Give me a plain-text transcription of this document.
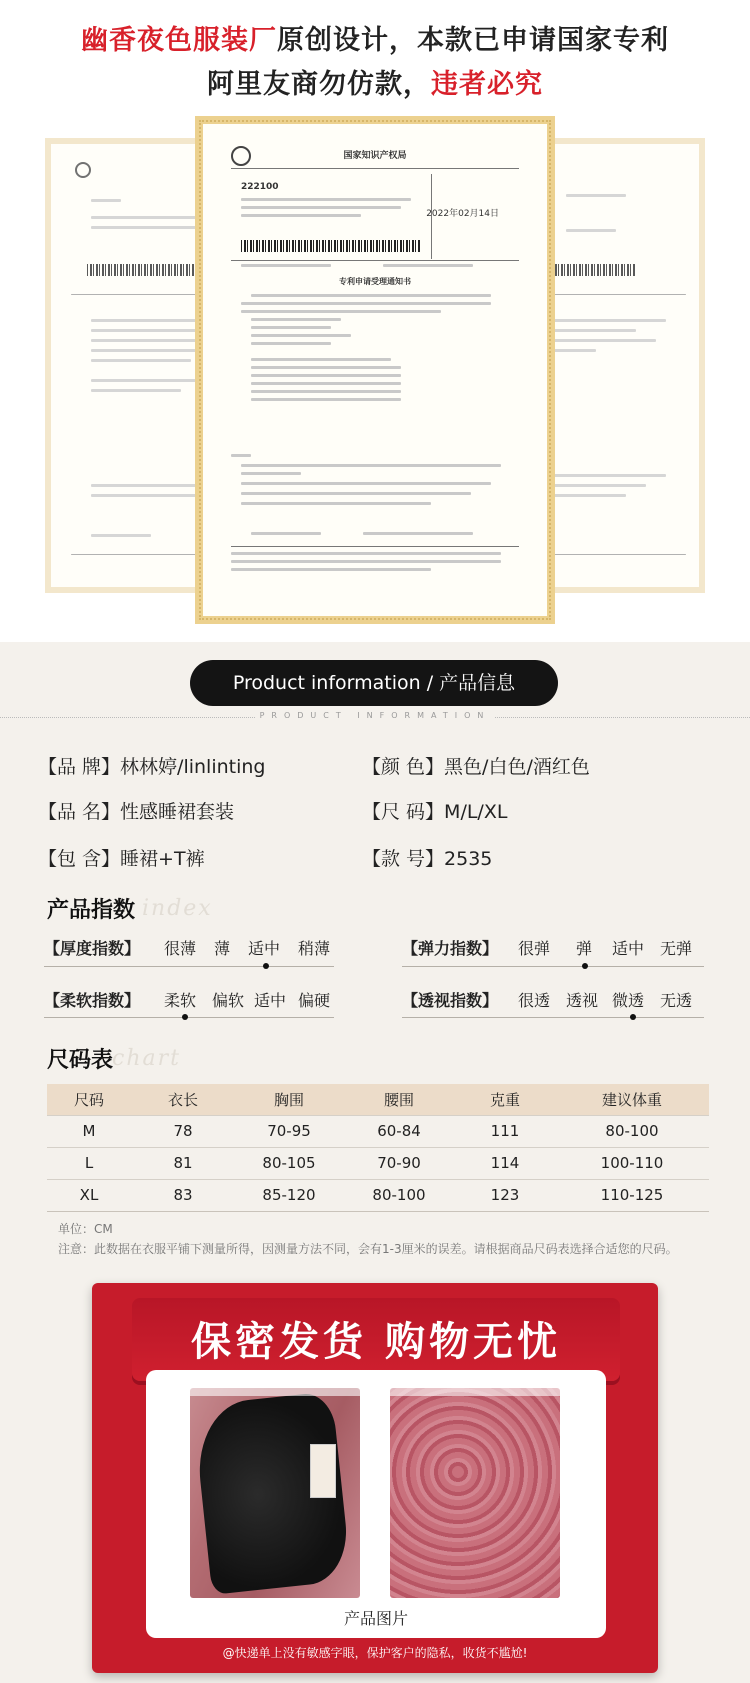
幽香夜色服装厂原创设计，本款已申请国家专利
阿里友商勿仿款，违者必究
国家知识产权局
222100
2022年02月14日
专利申请受理通知书
Product information / 产品信息
PRODUCT INFORMATION
【品 牌】林林婷/linlinting	【颜 色】黑色/白色/酒红色
【品 名】性感睡裙套装	【尺 码】M/L/XL
【包 含】睡裙+T裤	【款 号】2535
产品指数 index
【厚度指数】 很薄 薄 适中 稍薄	【弹力指数】 很弹 弹 适中 无弹
【柔软指数】 柔软 偏软 适中 偏硬	【透视指数】 很透 透视 微透 无透
尺码表
chart
尺码	衣长	胸围	腰围	克重	建议体重
M	78	70-95	60-84	111	80-100
L	81	80-105	70-90	114	100-110
XL	83	85-120	80-100	123	110-125
单位：CM
注意：此数据在衣服平铺下测量所得，因测量方法不同，会有1-3厘米的误差。请根据商品尺码表选择合适您的尺码。
保密发货 购物无忧
产品图片
@快递单上没有敏感字眼，保护客户的隐私，收货不尴尬!
